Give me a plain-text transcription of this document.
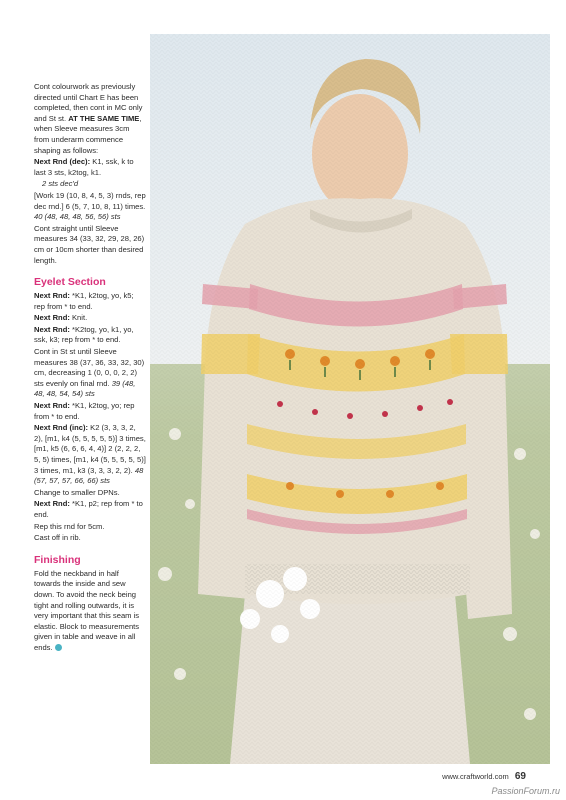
Cont colourwork as previously directed until Chart E has been completed, then cont in MC only and St st. AT THE SAME TIME, when Sleeve measures 3cm from underarm commence shaping as follows:

Next Rnd (dec): K1, ssk, k to last 3 sts, k2tog, k1.

2 sts dec'd

[Work 19 (10, 8, 4, 5, 3) rnds, rep dec rnd.] 6 (5, 7, 10, 8, 11) times. 40 (48, 48, 48, 56, 56) sts

Cont straight until Sleeve measures 34 (33, 32, 29, 28, 26) cm or 10cm shorter than desired length.

Eyelet Section

Next Rnd: *K1, k2tog, yo, k5; rep from * to end.

Next Rnd: Knit.

Next Rnd: *K2tog, yo, k1, yo, ssk, k3; rep from * to end.

Cont in St st until Sleeve measures 38 (37, 36, 33, 32, 30) cm, decreasing 1 (0, 0, 0, 2, 2) sts evenly on final rnd. 39 (48, 48, 48, 54, 54) sts

Next Rnd: *K1, k2tog, yo; rep from * to end.

Next Rnd (inc): K2 (3, 3, 3, 2, 2), [m1, k4 (5, 5, 5, 5, 5)] 3 times, [m1, k5 (6, 6, 6, 4, 4)] 2 (2, 2, 2, 5, 5) times, [m1, k4 (5, 5, 5, 5, 5)] 3 times, m1, k3 (3, 3, 3, 2, 2). 48 (57, 57, 57, 66, 66) sts

Change to smaller DPNs.

Next Rnd: *K1, p2; rep from * to end.

Rep this rnd for 5cm.

Cast off in rib.

Finishing

Fold the neckband in half towards the inside and sew down. To avoid the neck being tight and rolling outwards, it is very important that this seam is elastic. Block to measurements given in table and weave in all ends.

www.craftworld.com 69
PassionForum.ru
